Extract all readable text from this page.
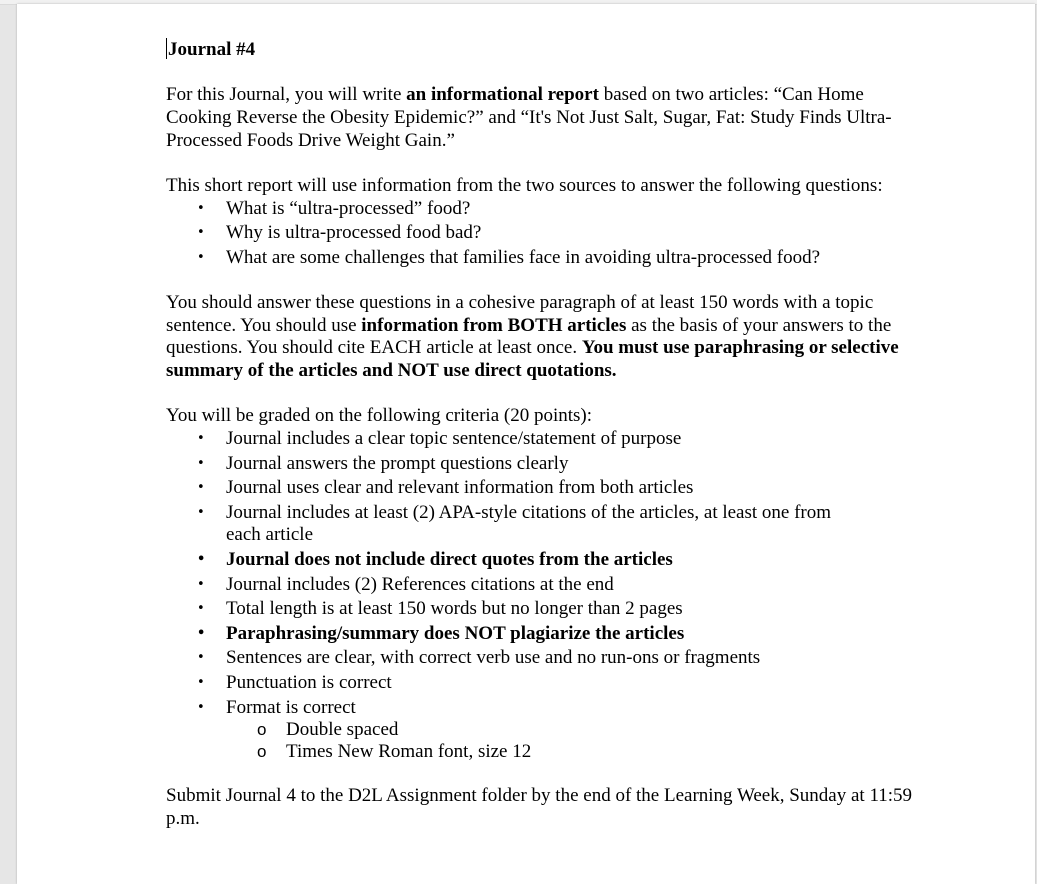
Journal #4

For this Journal, you will write an informational report based on two articles: “Can Home Cooking Reverse the Obesity Epidemic?” and “It's Not Just Salt, Sugar, Fat: Study Finds Ultra-Processed Foods Drive Weight Gain.”

This short report will use information from the two sources to answer the following questions:

• What is “ultra-processed” food?
• Why is ultra-processed food bad?
• What are some challenges that families face in avoiding ultra-processed food?

You should answer these questions in a cohesive paragraph of at least 150 words with a topic sentence. You should use information from BOTH articles as the basis of your answers to the questions. You should cite EACH article at least once. You must use paraphrasing or selective summary of the articles and NOT use direct quotations.

You will be graded on the following criteria (20 points):

• Journal includes a clear topic sentence/statement of purpose
• Journal answers the prompt questions clearly
• Journal uses clear and relevant information from both articles
• Journal includes at least (2) APA-style citations of the articles, at least one from each article
• Journal does not include direct quotes from the articles
• Journal includes (2) References citations at the end
• Total length is at least 150 words but no longer than 2 pages
• Paraphrasing/summary does NOT plagiarize the articles
• Sentences are clear, with correct verb use and no run-ons or fragments
• Punctuation is correct
• Format is correct
o Double spaced
o Times New Roman font, size 12

Submit Journal 4 to the D2L Assignment folder by the end of the Learning Week, Sunday at 11:59 p.m.
